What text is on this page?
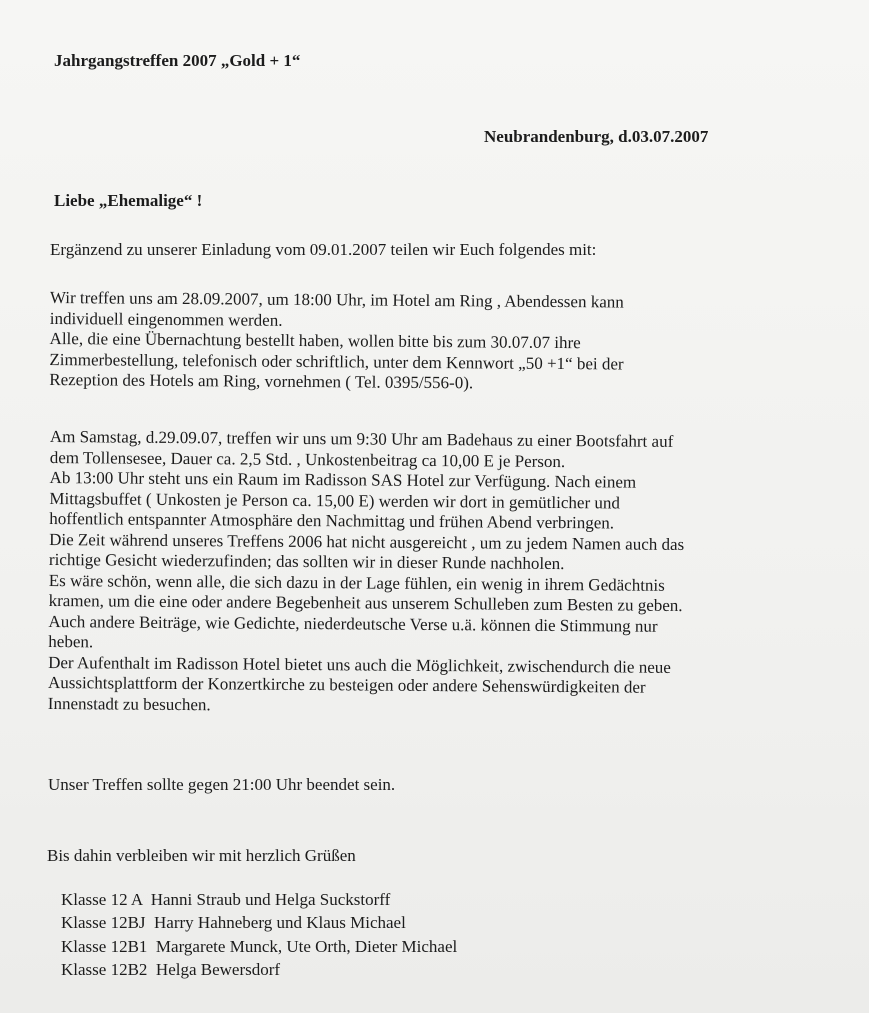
Jahrgangstreffen 2007 „Gold + 1“
Neubrandenburg, d.03.07.2007
Liebe „Ehemalige“ !
Ergänzend zu unserer Einladung vom 09.01.2007 teilen wir Euch folgendes mit:
Wir treffen uns am 28.09.2007, um 18:00 Uhr, im Hotel am Ring , Abendessen kann
individuell eingenommen werden.
Alle, die eine Übernachtung bestellt haben, wollen bitte bis zum 30.07.07 ihre
Zimmerbestellung, telefonisch oder schriftlich, unter dem Kennwort „50 +1“ bei der
Rezeption des Hotels am Ring, vornehmen ( Tel. 0395/556-0).
Am Samstag, d.29.09.07, treffen wir uns um 9:30 Uhr am Badehaus zu einer Bootsfahrt auf
dem Tollensesee, Dauer ca. 2,5 Std. , Unkostenbeitrag ca 10,00 E je Person.
Ab 13:00 Uhr steht uns ein Raum im Radisson SAS Hotel zur Verfügung. Nach einem
Mittagsbuffet ( Unkosten je Person ca. 15,00 E) werden wir dort in gemütlicher und
hoffentlich entspannter Atmosphäre den Nachmittag und frühen Abend verbringen.
Die Zeit während unseres Treffens 2006 hat nicht ausgereicht , um zu jedem Namen auch das
richtige Gesicht wiederzufinden; das sollten wir in dieser Runde nachholen.
Es wäre schön, wenn alle, die sich dazu in der Lage fühlen, ein wenig in ihrem Gedächtnis
kramen, um die eine oder andere Begebenheit aus unserem Schulleben zum Besten zu geben.
Auch andere Beiträge, wie Gedichte, niederdeutsche Verse u.ä. können die Stimmung nur
heben.
Der Aufenthalt im Radisson Hotel bietet uns auch die Möglichkeit, zwischendurch die neue
Aussichtsplattform der Konzertkirche zu besteigen oder andere Sehenswürdigkeiten der
Innenstadt zu besuchen.
Unser Treffen sollte gegen 21:00 Uhr beendet sein.
Bis dahin verbleiben wir mit herzlich Grüßen
Klasse 12 A  Hanni Straub und Helga Suckstorff
Klasse 12BJ  Harry Hahneberg und Klaus Michael
Klasse 12B1  Margarete Munck, Ute Orth, Dieter Michael
Klasse 12B2  Helga Bewersdorf
